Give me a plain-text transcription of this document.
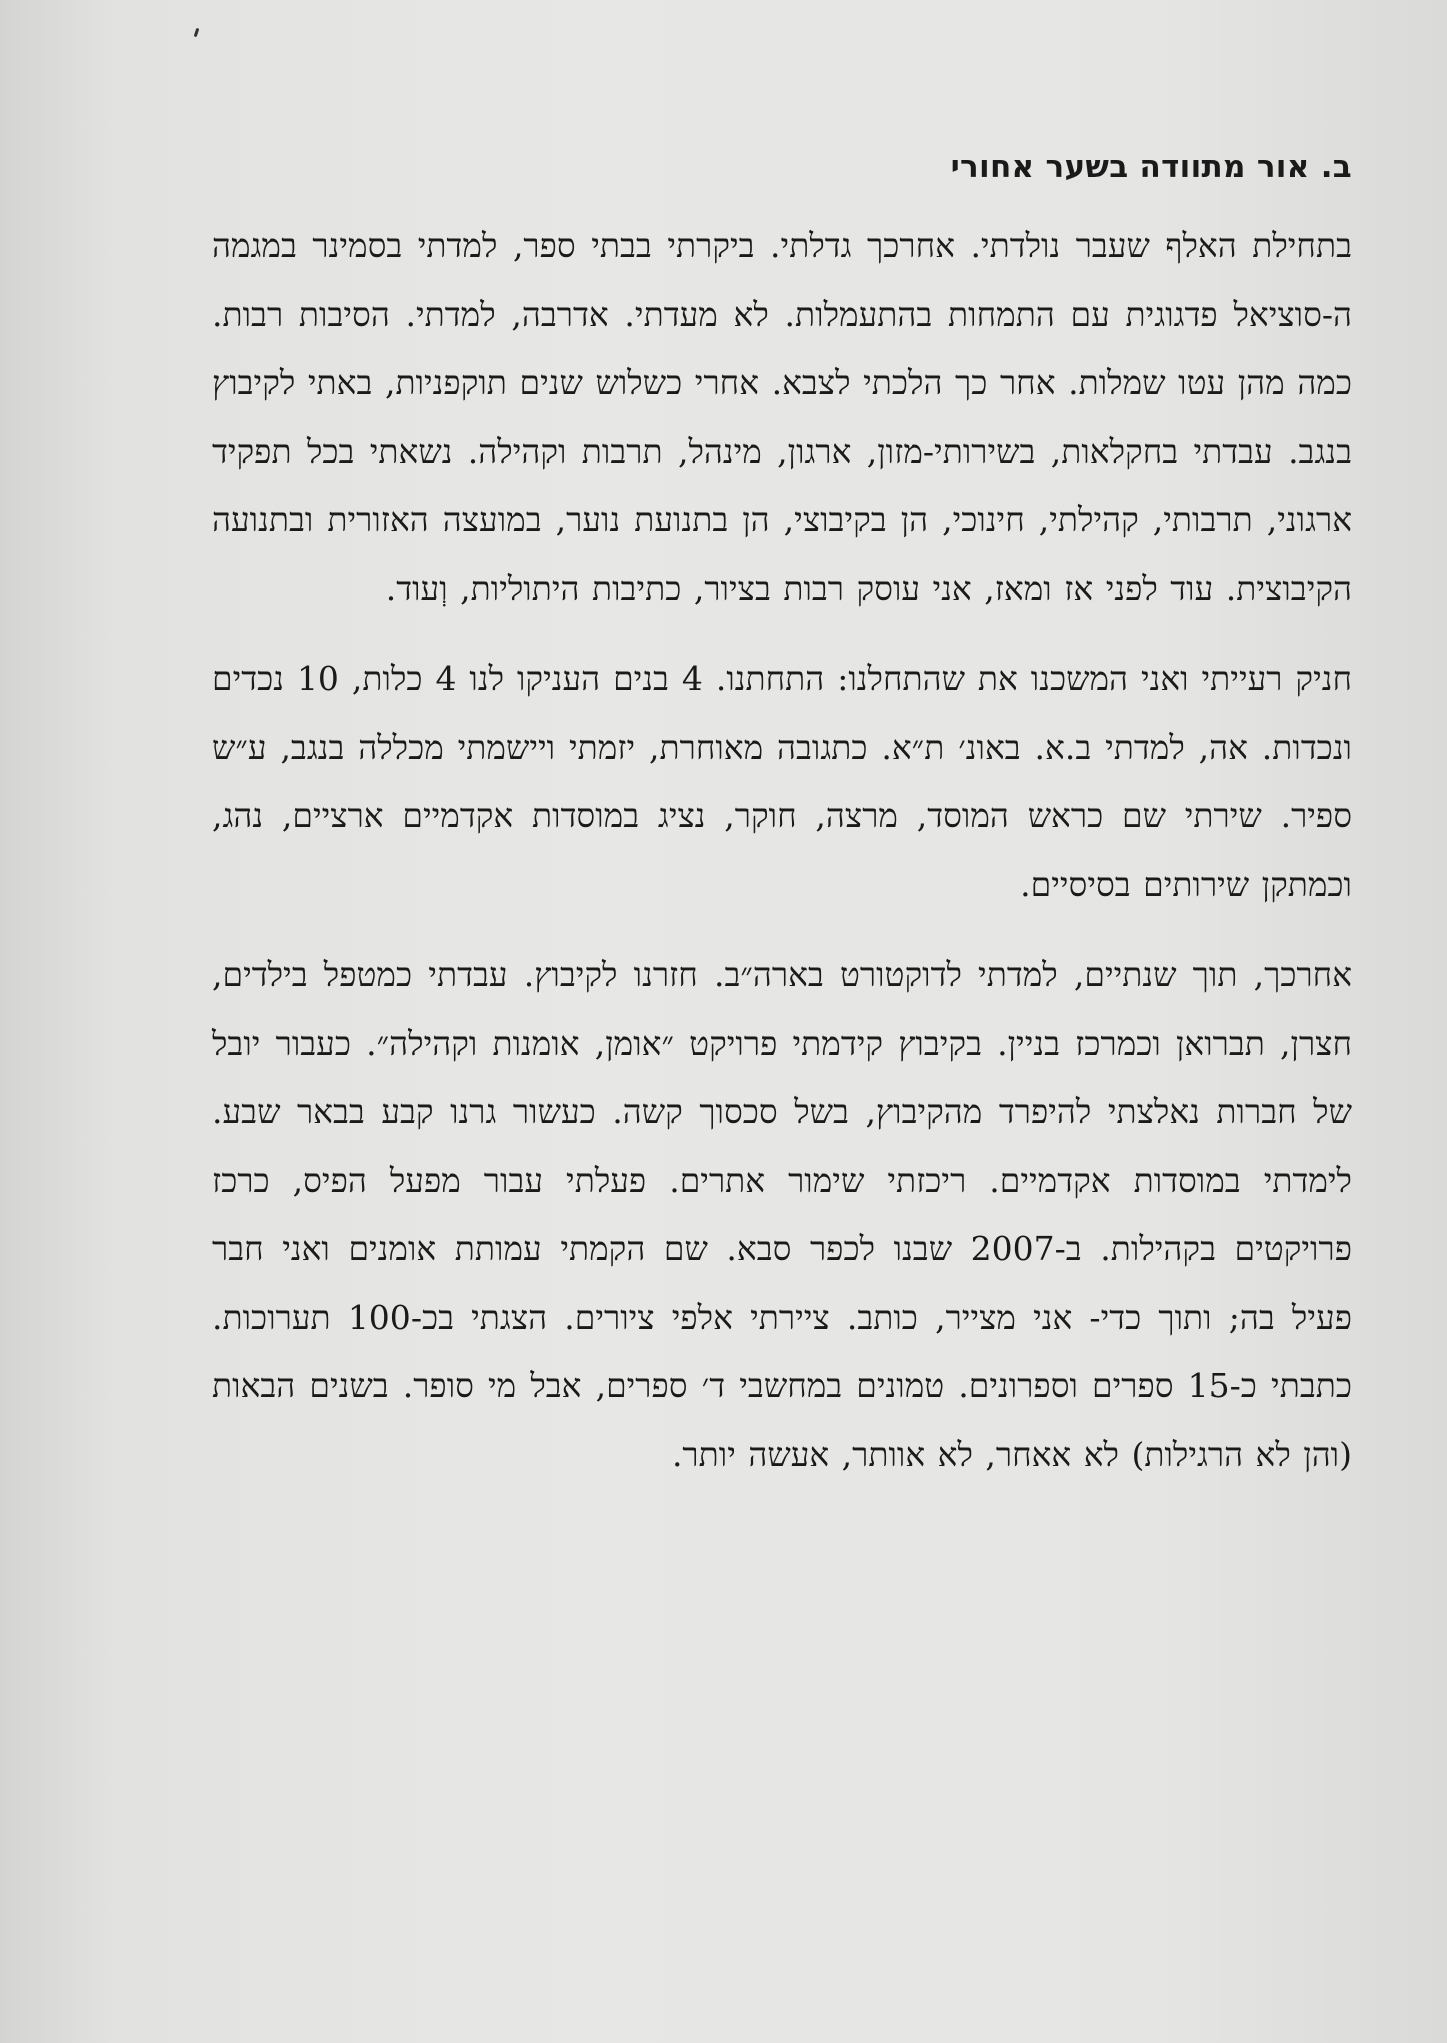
ב. אור מתוודה בשער אחורי

בתחילת האלף שעבר נולדתי. אחרכך גדלתי. ביקרתי בבתי ספר, למדתי בסמינר במגמה ה-סוציאל פדגוגית עם התמחות בהתעמלות. לא מעדתי. אדרבה, למדתי. הסיבות רבות. כמה מהן עטו שמלות. אחר כך הלכתי לצבא. אחרי כשלוש שנים תוקפניות, באתי לקיבוץ בנגב. עבדתי בחקלאות, בשירותי-מזון, ארגון, מינהל, תרבות וקהילה. נשאתי בכל תפקיד ארגוני, תרבותי, קהילתי, חינוכי, הן בקיבוצי, הן בתנועת נוער, במועצה האזורית ובתנועה הקיבוצית. עוד לפני אז ומאז, אני עוסק רבות בציור, כתיבות היתוליות, וְעוד.

חניק רעייתי ואני המשכנו את שהתחלנו: התחתנו. 4 בנים העניקו לנו 4 כלות, 10 נכדים ונכדות. אה, למדתי ב.א. באונ׳ ת״א. כתגובה מאוחרת, יזמתי ויישמתי מכללה בנגב, ע״ש ספיר. שירתי שם כראש המוסד, מרצה, חוקר, נציג במוסדות אקדמיים ארציים, נהג, וכמתקן שירותים בסיסיים.

אחרכך, תוך שנתיים, למדתי לדוקטורט בארה״ב. חזרנו לקיבוץ. עבדתי כמטפל בילדים, חצרן, תברואן וכמרכז בניין. בקיבוץ קידמתי פרויקט ״אומן, אומנות וקהילה״. כעבור יובל של חברות נאלצתי להיפרד מהקיבוץ, בשל סכסוך קשה. כעשור גרנו קבע בבאר שבע. לימדתי במוסדות אקדמיים. ריכזתי שימור אתרים. פעלתי עבור מפעל הפיס, כרכז פרויקטים בקהילות. ב-2007 שבנו לכפר סבא. שם הקמתי עמותת אומנים ואני חבר פעיל בה; ותוך כדי- אני מצייר, כותב. ציירתי אלפי ציורים. הצגתי בכ-100 תערוכות. כתבתי כ-15 ספרים וספרונים. טמונים במחשבי ד׳ ספרים, אבל מי סופר. בשנים הבאות (והן לא הרגילות) לא אאחר, לא אוותר, אעשה יותר.
